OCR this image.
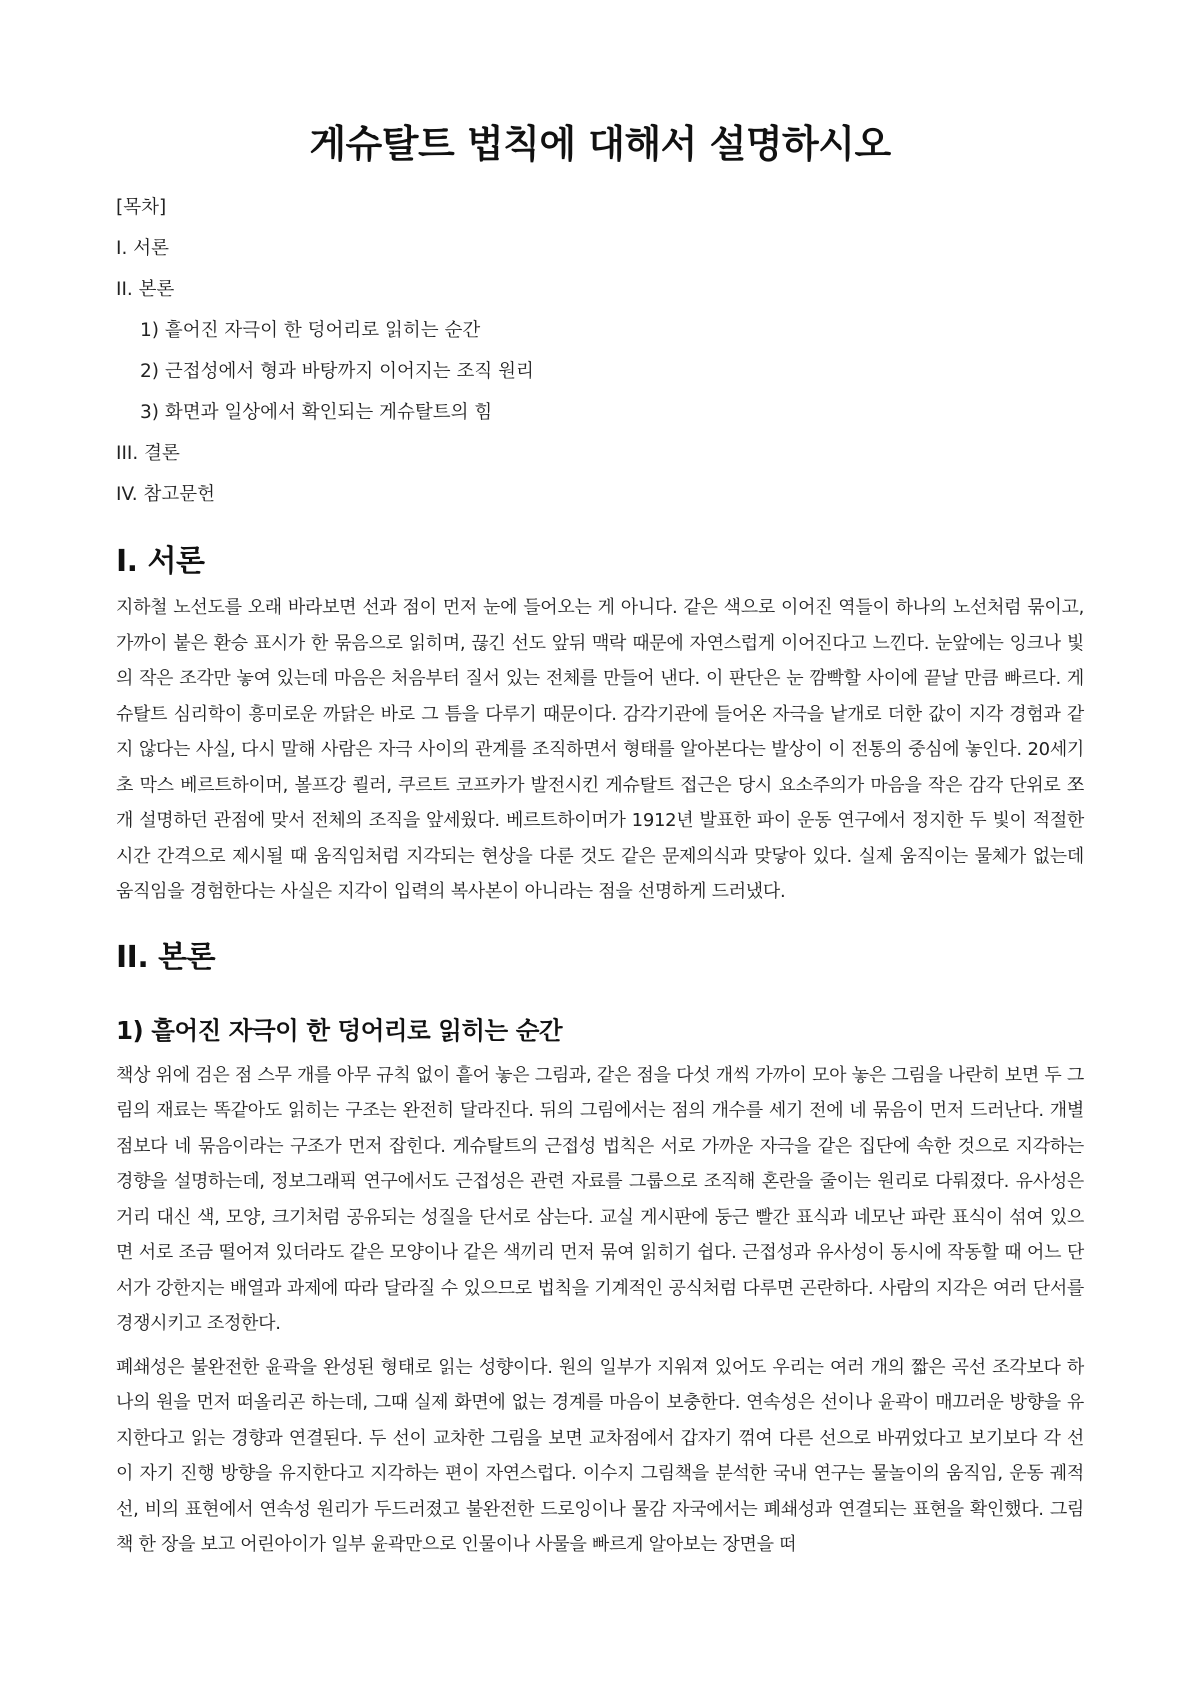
게슈탈트 법칙에 대해서 설명하시오
[목차]
I. 서론
II. 본론
1) 흩어진 자극이 한 덩어리로 읽히는 순간
2) 근접성에서 형과 바탕까지 이어지는 조직 원리
3) 화면과 일상에서 확인되는 게슈탈트의 힘
III. 결론
IV. 참고문헌
I. 서론

지하철 노선도를 오래 바라보면 선과 점이 먼저 눈에 들어오는 게 아니다. 같은 색으로 이어진 역들이 하나의 노선처럼 묶이고, 가까이 붙은 환승 표시가 한 묶음으로 읽히며, 끊긴 선도 앞뒤 맥락 때문에 자연스럽게 이어진다고 느낀다. 눈앞에는 잉크나 빛의 작은 조각만 놓여 있는데 마음은 처음부터 질서 있는 전체를 만들어 낸다. 이 판단은 눈 깜빡할 사이에 끝날 만큼 빠르다. 게슈탈트 심리학이 흥미로운 까닭은 바로 그 틈을 다루기 때문이다. 감각기관에 들어온 자극을 낱개로 더한 값이 지각 경험과 같지 않다는 사실, 다시 말해 사람은 자극 사이의 관계를 조직하면서 형태를 알아본다는 발상이 이 전통의 중심에 놓인다. 20세기 초 막스 베르트하이머, 볼프강 쾰러, 쿠르트 코프카가 발전시킨 게슈탈트 접근은 당시 요소주의가 마음을 작은 감각 단위로 쪼개 설명하던 관점에 맞서 전체의 조직을 앞세웠다. 베르트하이머가 1912년 발표한 파이 운동 연구에서 정지한 두 빛이 적절한 시간 간격으로 제시될 때 움직임처럼 지각되는 현상을 다룬 것도 같은 문제의식과 맞닿아 있다. 실제 움직이는 물체가 없는데 움직임을 경험한다는 사실은 지각이 입력의 복사본이 아니라는 점을 선명하게 드러냈다.

II. 본론
1) 흩어진 자극이 한 덩어리로 읽히는 순간

책상 위에 검은 점 스무 개를 아무 규칙 없이 흩어 놓은 그림과, 같은 점을 다섯 개씩 가까이 모아 놓은 그림을 나란히 보면 두 그림의 재료는 똑같아도 읽히는 구조는 완전히 달라진다. 뒤의 그림에서는 점의 개수를 세기 전에 네 묶음이 먼저 드러난다. 개별 점보다 네 묶음이라는 구조가 먼저 잡힌다. 게슈탈트의 근접성 법칙은 서로 가까운 자극을 같은 집단에 속한 것으로 지각하는 경향을 설명하는데, 정보그래픽 연구에서도 근접성은 관련 자료를 그룹으로 조직해 혼란을 줄이는 원리로 다뤄졌다. 유사성은 거리 대신 색, 모양, 크기처럼 공유되는 성질을 단서로 삼는다. 교실 게시판에 둥근 빨간 표식과 네모난 파란 표식이 섞여 있으면 서로 조금 떨어져 있더라도 같은 모양이나 같은 색끼리 먼저 묶여 읽히기 쉽다. 근접성과 유사성이 동시에 작동할 때 어느 단서가 강한지는 배열과 과제에 따라 달라질 수 있으므로 법칙을 기계적인 공식처럼 다루면 곤란하다. 사람의 지각은 여러 단서를 경쟁시키고 조정한다.

폐쇄성은 불완전한 윤곽을 완성된 형태로 읽는 성향이다. 원의 일부가 지워져 있어도 우리는 여러 개의 짧은 곡선 조각보다 하나의 원을 먼저 떠올리곤 하는데, 그때 실제 화면에 없는 경계를 마음이 보충한다. 연속성은 선이나 윤곽이 매끄러운 방향을 유지한다고 읽는 경향과 연결된다. 두 선이 교차한 그림을 보면 교차점에서 갑자기 꺾여 다른 선으로 바뀌었다고 보기보다 각 선이 자기 진행 방향을 유지한다고 지각하는 편이 자연스럽다. 이수지 그림책을 분석한 국내 연구는 물놀이의 움직임, 운동 궤적선, 비의 표현에서 연속성 원리가 두드러졌고 불완전한 드로잉이나 물감 자국에서는 폐쇄성과 연결되는 표현을 확인했다. 그림책 한 장을 보고 어린아이가 일부 윤곽만으로 인물이나 사물을 빠르게 알아보는 장면을 떠
